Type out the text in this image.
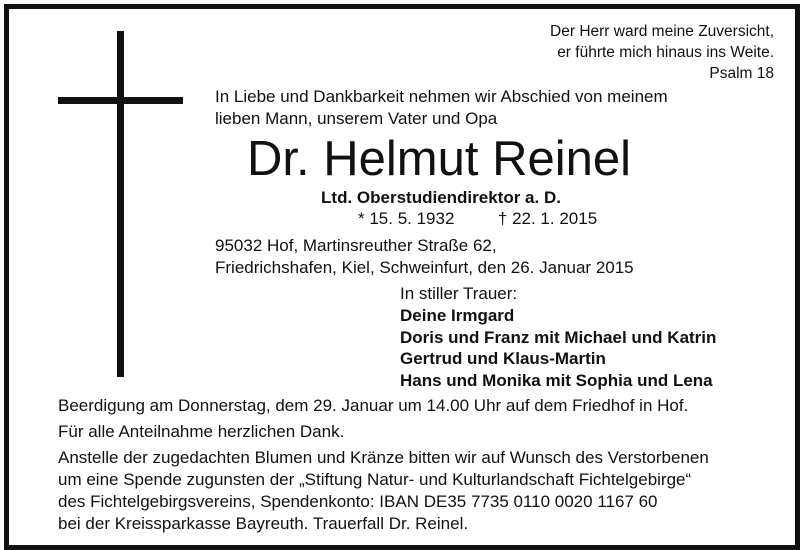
Der Herr ward meine Zuversicht,
er führte mich hinaus ins Weite.
Psalm 18
In Liebe und Dankbarkeit nehmen wir Abschied von meinem
lieben Mann, unserem Vater und Opa
Dr. Helmut Reinel
Ltd. Oberstudiendirektor a. D.
* 15. 5. 1932	† 22. 1. 2015
95032 Hof, Martinsreuther Straße 62,
Friedrichshafen, Kiel, Schweinfurt, den 26. Januar 2015
In stiller Trauer:
Deine Irmgard
Doris und Franz mit Michael und Katrin
Gertrud und Klaus-Martin
Hans und Monika mit Sophia und Lena
Beerdigung am Donnerstag, dem 29. Januar um 14.00 Uhr auf dem Friedhof in Hof.
Für alle Anteilnahme herzlichen Dank.
Anstelle der zugedachten Blumen und Kränze bitten wir auf Wunsch des Verstorbenen
um eine Spende zugunsten der „Stiftung Natur- und Kulturlandschaft Fichtelgebirge“
des Fichtelgebirgsvereins, Spendenkonto: IBAN DE35 7735 0110 0020 1167 60
bei der Kreissparkasse Bayreuth. Trauerfall Dr. Reinel.
